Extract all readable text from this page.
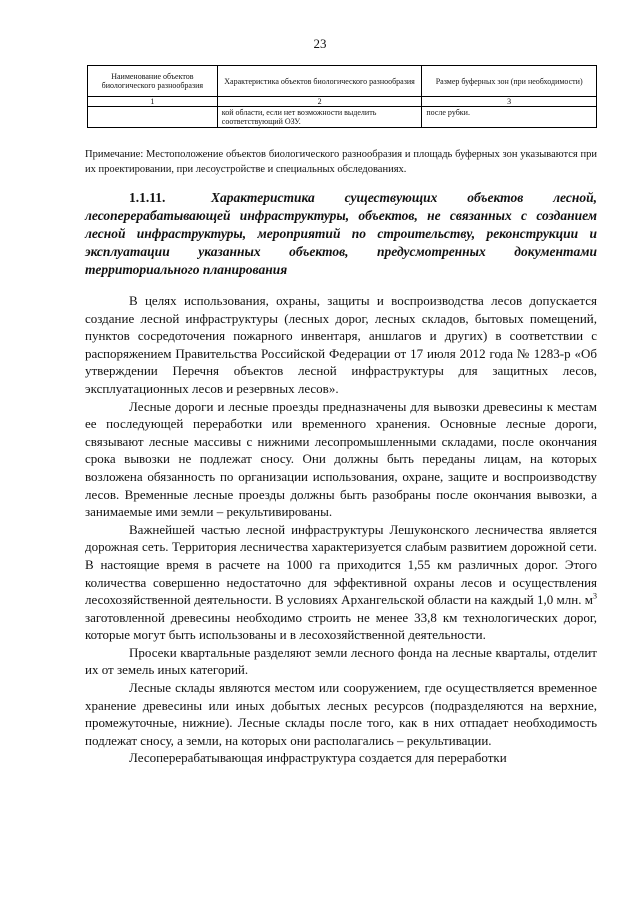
23
Наименование объектов биологического разнообразия	Характеристика объектов биологического разнообразия	Размер буферных зон (при необходимости)
1	2	3
	кой области, если нет возможности выделить соответствующий ОЗУ.	после рубки.
Примечание: Местоположение объектов биологического разнообразия и площадь буферных зон указываются при их проектировании, при лесоустройстве и специальных обследованиях.
1.1.11.	Характеристика существующих объектов лесной, лесоперерабатывающей инфраструктуры, объектов, не связанных с созданием лесной инфраструктуры, мероприятий по строительству, реконструкции и эксплуатации указанных объектов, предусмотренных документами территориального планирования

В целях использования, охраны, защиты и воспроизводства лесов допускается создание лесной инфраструктуры (лесных дорог, лесных складов, бытовых помещений, пунктов сосредоточения пожарного инвентаря, аншлагов и других) в соответствии с распоряжением Правительства Российской Федерации от 17 июля 2012 года № 1283-р «Об утверждении Перечня объектов лесной инфраструктуры для защитных лесов, эксплуатационных лесов и резервных лесов».

Лесные дороги и лесные проезды предназначены для вывозки древесины к местам ее последующей переработки или временного хранения. Основные лесные дороги, связывают лесные массивы с нижними лесопромышленными складами, после окончания срока вывозки не подлежат сносу. Они должны быть переданы лицам, на которых возложена обязанность по организации использования, охране, защите и воспроизводству лесов. Временные лесные проезды должны быть разобраны после окончания вывозки, а занимаемые ими земли – рекультивированы.

Важнейшей частью лесной инфраструктуры Лешуконского лесничества является дорожная сеть. Территория лесничества характеризуется слабым развитием дорожной сети. В настоящие время в расчете на 1000 га приходится 1,55 км различных дорог. Этого количества совершенно недостаточно для эффективной охраны лесов и осуществления лесохозяйственной деятельности. В условиях Архангельской области на каждый 1,0 млн. $м^3$ заготовленной древесины необходимо строить не менее 33,8 км технологических дорог, которые могут быть использованы и в лесохозяйственной деятельности.

Просеки квартальные разделяют земли лесного фонда на лесные кварталы, отделит их от земель иных категорий.

Лесные склады являются местом или сооружением, где осуществляется временное хранение древесины или иных добытых лесных ресурсов (подразделяются на верхние, промежуточные, нижние). Лесные склады после того, как в них отпадает необходимость подлежат сносу, а земли, на которых они располагались – рекультивации.

Лесоперерабатывающая инфраструктура создается для переработки
